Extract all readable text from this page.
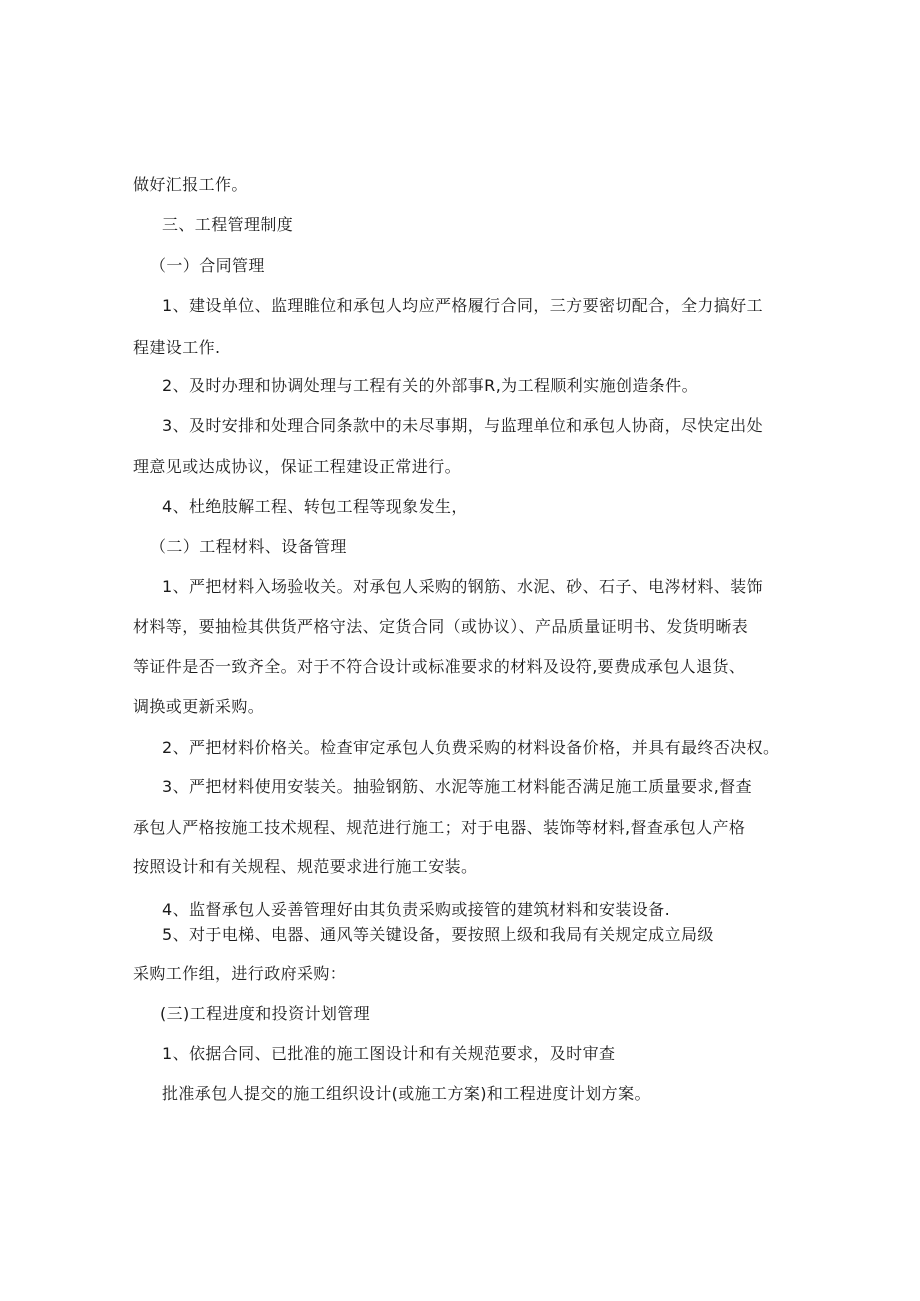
做好汇报工作。
三、工程管理制度
（一）合同管理
1、建设单位、监理睢位和承包人均应严格履行合同，三方要密切配合，全力搞好工
程建设工作.
2、及时办理和协调处理与工程有关的外部事R,为工程顺利实施创造条件。
3、及时安排和处理合同条款中的未尽事期，与监理单位和承包人协商，尽快定出处
理意见或达成协议，保证工程建设正常进行。
4、杜绝肢解工程、转包工程等现象发生，
（二）工程材料、设备管理
1、严把材料入场验收关。对承包人采购的钢筋、水泥、砂、石子、电涔材料、装饰
材料等，要抽检其供货严格守法、定货合同（或协议）、产品质量证明书、发货明晰表
等证件是否一致齐全。对于不符合设计或标准要求的材料及设符,要费成承包人退货、
调换或更新采购。
2、严把材料价格关。检查审定承包人负费采购的材料设备价格，并具有最终否决权。
3、严把材料使用安装关。抽验钢筋、水泥等施工材料能否满足施工质量要求,督查
承包人严格按施工技术规程、规范进行施工；对于电器、装饰等材料,督查承包人产格
按照设计和有关规程、规范要求进行施工安装。
4、监督承包人妥善管理好由其负责采购或接管的建筑材料和安装设备.
5、对于电梯、电器、通风等关键设备，要按照上级和我局有关规定成立局级
采购工作组，进行政府采购：
(三)工程进度和投资计划管理
1、依据合同、已批准的施工图设计和有关规范要求，及时审查
批准承包人提交的施工组织设计(或施工方案)和工程进度计划方案。
